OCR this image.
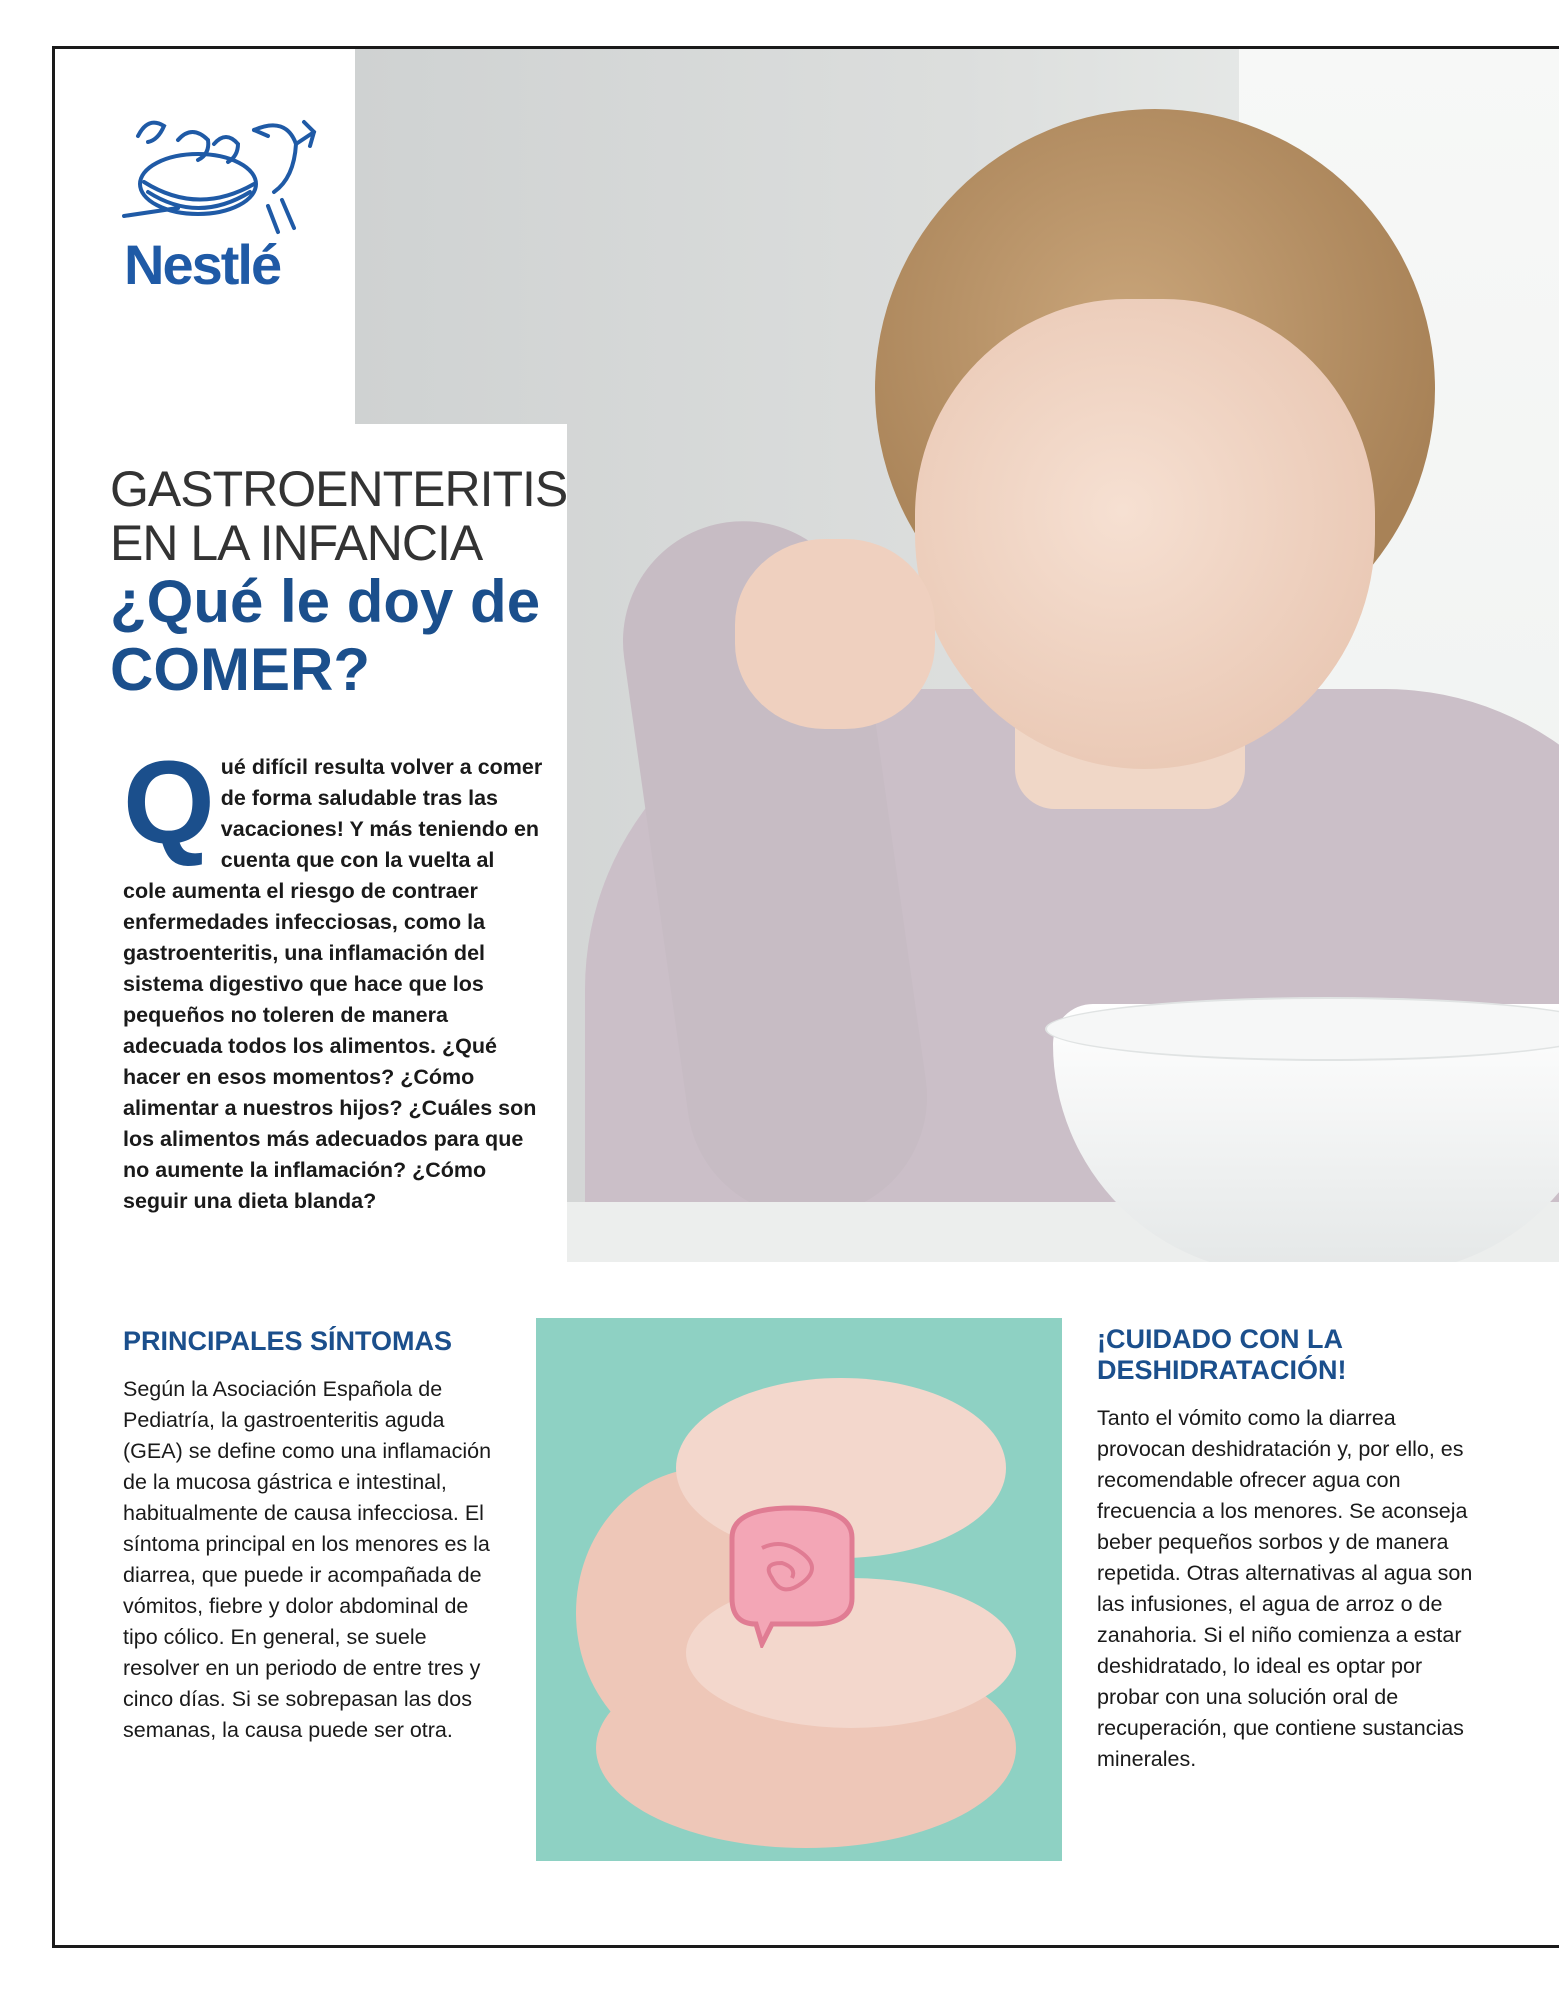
Nestlé
GASTROENTERITIS EN LA INFANCIA
¿Qué le doy de COMER?

Qué difícil resulta volver a comer de forma saludable tras las vacaciones! Y más teniendo en cuenta que con la vuelta al cole aumenta el riesgo de contraer enfermedades infecciosas, como la gastroenteritis, una inflamación del sistema digestivo que hace que los pequeños no toleren de manera adecuada todos los alimentos. ¿Qué hacer en esos momentos? ¿Cómo alimentar a nuestros hijos? ¿Cuáles son los alimentos más adecuados para que no aumente la inflamación? ¿Cómo seguir una dieta blanda?

PRINCIPALES SÍNTOMAS

Según la Asociación Española de Pediatría, la gastroenteritis aguda (GEA) se define como una inflamación de la mucosa gástrica e intestinal, habitualmente de causa infecciosa. El síntoma principal en los menores es la diarrea, que puede ir acompañada de vómitos, fiebre y dolor abdominal de tipo cólico. En general, se suele resolver en un periodo de entre tres y cinco días. Si se sobrepasan las dos semanas, la causa puede ser otra.

¡CUIDADO CON LA DESHIDRATACIÓN!

Tanto el vómito como la diarrea provocan deshidratación y, por ello, es recomendable ofrecer agua con frecuencia a los menores. Se aconseja beber pequeños sorbos y de manera repetida. Otras alternativas al agua son las infusiones, el agua de arroz o de zanahoria. Si el niño comienza a estar deshidratado, lo ideal es optar por probar con una solución oral de recuperación, que contiene sustancias minerales.
